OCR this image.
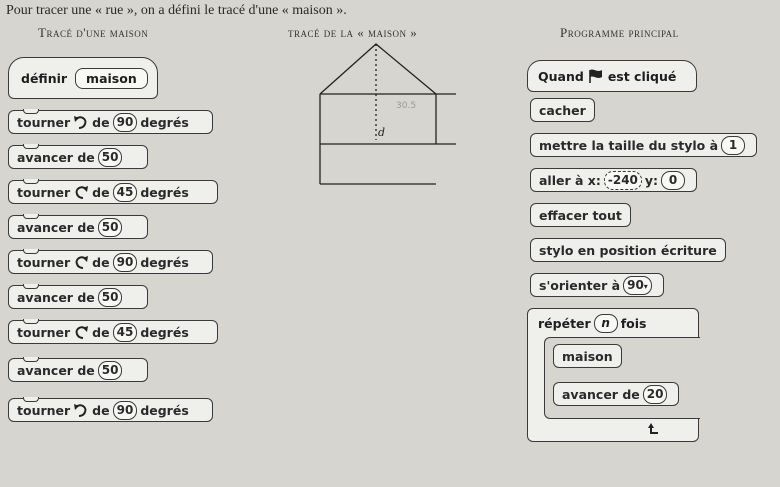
Pour tracer une « rue », on a défini le tracé d'une « maison ».
Tracé d'une maison	tracé de la « maison »	Programme principal
définir	maison
tourner de 90 degrés
avancer de 50
tourner de 45 degrés
avancer de 50
tourner de 90 degrés
avancer de 50
tourner de 45 degrés
avancer de 50
tourner de 90 degrés
d
30.5
Quand est cliqué
cacher
mettre la taille du stylo à 1
aller à x: -240 y: 0
effacer tout
stylo en position écriture
s'orienter à 90▾
répéter n fois
maison
avancer de 20
